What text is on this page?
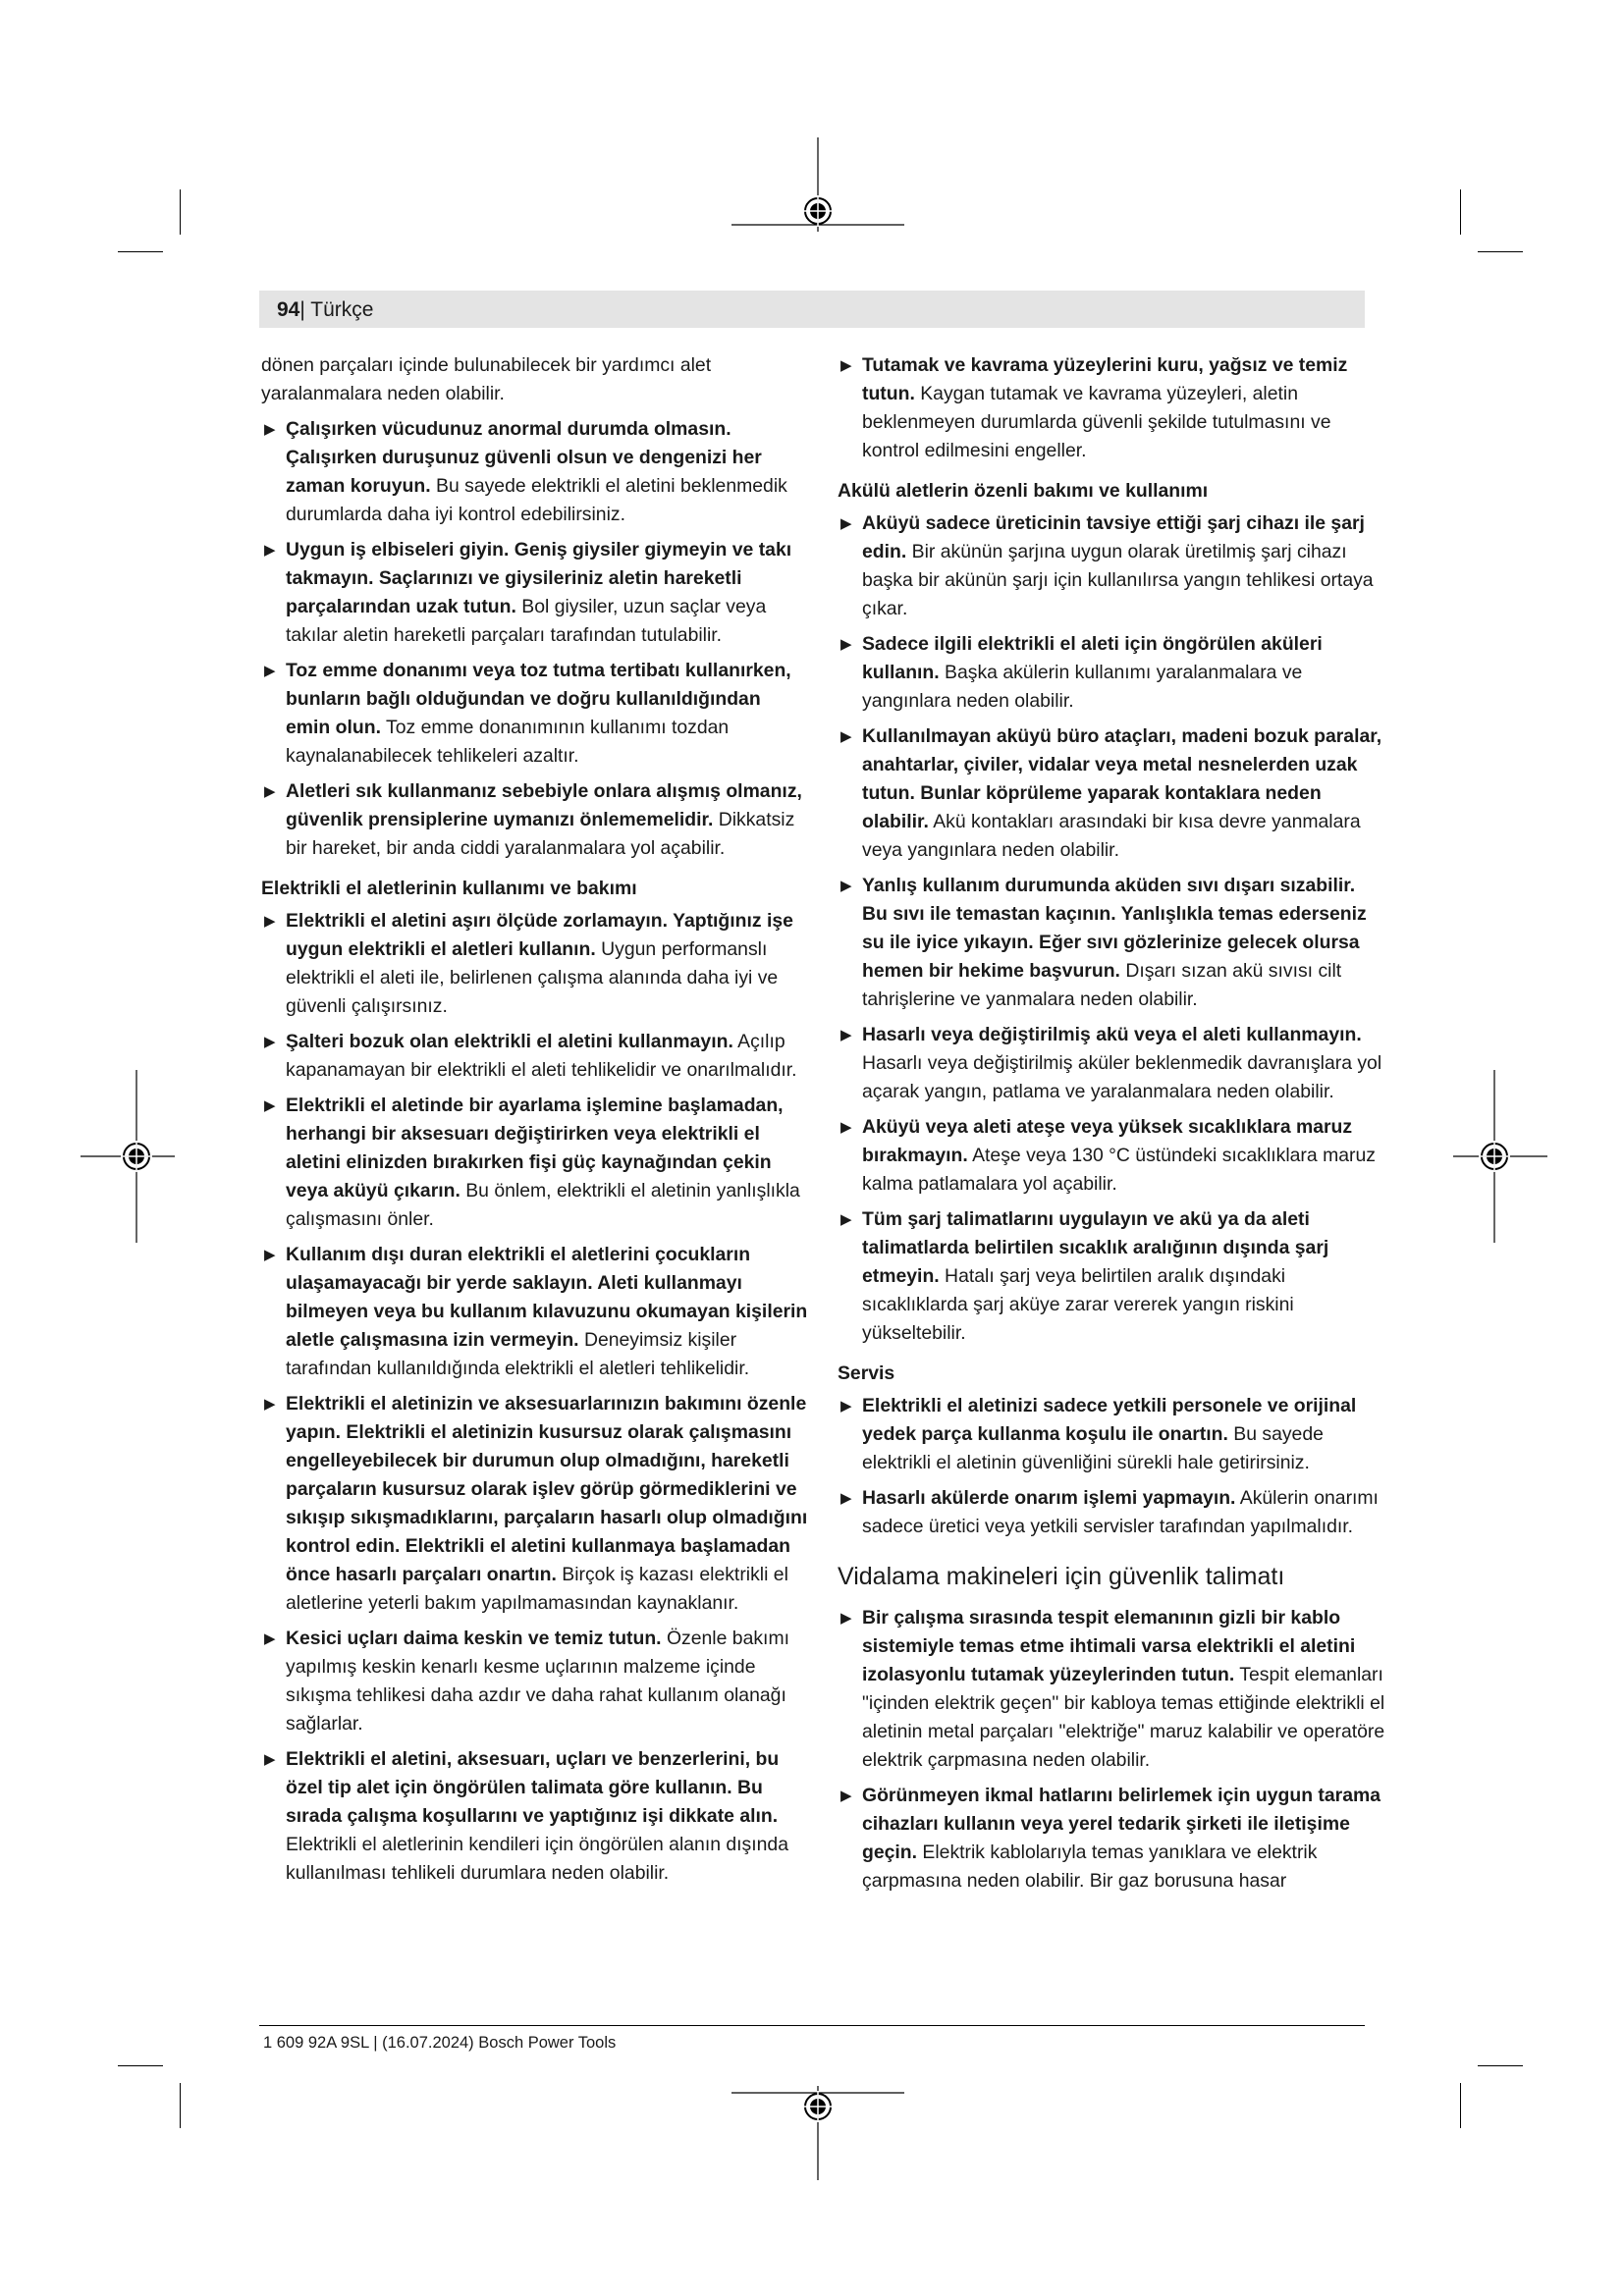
94| Türkçe
dönen parçaları içinde bulunabilecek bir yardımcı alet yaralanmalara neden olabilir.
▶ Çalışırken vücudunuz anormal durumda olmasın. Çalışırken duruşunuz güvenli olsun ve dengenizi her zaman koruyun. Bu sayede elektrikli el aletini beklenmedik durumlarda daha iyi kontrol edebilirsiniz.
▶ Uygun iş elbiseleri giyin. Geniş giysiler giymeyin ve takı takmayın. Saçlarınızı ve giysileriniz aletin hareketli parçalarından uzak tutun. Bol giysiler, uzun saçlar veya takılar aletin hareketli parçaları tarafından tutulabilir.
▶ Toz emme donanımı veya toz tutma tertibatı kullanırken, bunların bağlı olduğundan ve doğru kullanıldığından emin olun. Toz emme donanımının kullanımı tozdan kaynalanabilecek tehlikeleri azaltır.
▶ Aletleri sık kullanmanız sebebiyle onlara alışmış olmanız, güvenlik prensiplerine uymanızı önlememelidir. Dikkatsiz bir hareket, bir anda ciddi yaralanmalara yol açabilir.
Elektrikli el aletlerinin kullanımı ve bakımı
▶ Elektrikli el aletini aşırı ölçüde zorlamayın. Yaptığınız işe uygun elektrikli el aletleri kullanın. Uygun performanslı elektrikli el aleti ile, belirlenen çalışma alanında daha iyi ve güvenli çalışırsınız.
▶ Şalteri bozuk olan elektrikli el aletini kullanmayın. Açılıp kapanamayan bir elektrikli el aleti tehlikelidir ve onarılmalıdır.
▶ Elektrikli el aletinde bir ayarlama işlemine başlamadan, herhangi bir aksesuarı değiştirirken veya elektrikli el aletini elinizden bırakırken fişi güç kaynağından çekin veya aküyü çıkarın. Bu önlem, elektrikli el aletinin yanlışlıkla çalışmasını önler.
▶ Kullanım dışı duran elektrikli el aletlerini çocukların ulaşamayacağı bir yerde saklayın. Aleti kullanmayı bilmeyen veya bu kullanım kılavuzunu okumayan kişilerin aletle çalışmasına izin vermeyin. Deneyimsiz kişiler tarafından kullanıldığında elektrikli el aletleri tehlikelidir.
▶ Elektrikli el aletinizin ve aksesuarlarınızın bakımını özenle yapın. Elektrikli el aletinizin kusursuz olarak çalışmasını engelleyebilecek bir durumun olup olmadığını, hareketli parçaların kusursuz olarak işlev görüp görmediklerini ve sıkışıp sıkışmadıklarını, parçaların hasarlı olup olmadığını kontrol edin. Elektrikli el aletini kullanmaya başlamadan önce hasarlı parçaları onartın. Birçok iş kazası elektrikli el aletlerine yeterli bakım yapılmamasından kaynaklanır.
▶ Kesici uçları daima keskin ve temiz tutun. Özenle bakımı yapılmış keskin kenarlı kesme uçlarının malzeme içinde sıkışma tehlikesi daha azdır ve daha rahat kullanım olanağı sağlarlar.
▶ Elektrikli el aletini, aksesuarı, uçları ve benzerlerini, bu özel tip alet için öngörülen talimata göre kullanın. Bu sırada çalışma koşullarını ve yaptığınız işi dikkate alın. Elektrikli el aletlerinin kendileri için öngörülen alanın dışında kullanılması tehlikeli durumlara neden olabilir.
▶ Tutamak ve kavrama yüzeylerini kuru, yağsız ve temiz tutun. Kaygan tutamak ve kavrama yüzeyleri, aletin beklenmeyen durumlarda güvenli şekilde tutulmasını ve kontrol edilmesini engeller.
Akülü aletlerin özenli bakımı ve kullanımı
▶ Aküyü sadece üreticinin tavsiye ettiği şarj cihazı ile şarj edin. Bir akünün şarjına uygun olarak üretilmiş şarj cihazı başka bir akünün şarjı için kullanılırsa yangın tehlikesi ortaya çıkar.
▶ Sadece ilgili elektrikli el aleti için öngörülen aküleri kullanın. Başka akülerin kullanımı yaralanmalara ve yangınlara neden olabilir.
▶ Kullanılmayan aküyü büro ataçları, madeni bozuk paralar, anahtarlar, çiviler, vidalar veya metal nesnelerden uzak tutun. Bunlar köprüleme yaparak kontaklara neden olabilir. Akü kontakları arasındaki bir kısa devre yanmalara veya yangınlara neden olabilir.
▶ Yanlış kullanım durumunda aküden sıvı dışarı sızabilir. Bu sıvı ile temastan kaçının. Yanlışlıkla temas ederseniz su ile iyice yıkayın. Eğer sıvı gözlerinize gelecek olursa hemen bir hekime başvurun. Dışarı sızan akü sıvısı cilt tahrişlerine ve yanmalara neden olabilir.
▶ Hasarlı veya değiştirilmiş akü veya el aleti kullanmayın. Hasarlı veya değiştirilmiş aküler beklenmedik davranışlara yol açarak yangın, patlama ve yaralanmalara neden olabilir.
▶ Aküyü veya aleti ateşe veya yüksek sıcaklıklara maruz bırakmayın. Ateşe veya 130 °C üstündeki sıcaklıklara maruz kalma patlamalara yol açabilir.
▶ Tüm şarj talimatlarını uygulayın ve akü ya da aleti talimatlarda belirtilen sıcaklık aralığının dışında şarj etmeyin. Hatalı şarj veya belirtilen aralık dışındaki sıcaklıklarda şarj aküye zarar vererek yangın riskini yükseltebilir.
Servis
▶ Elektrikli el aletinizi sadece yetkili personele ve orijinal yedek parça kullanma koşulu ile onartın. Bu sayede elektrikli el aletinin güvenliğini sürekli hale getirirsiniz.
▶ Hasarlı akülerde onarım işlemi yapmayın. Akülerin onarımı sadece üretici veya yetkili servisler tarafından yapılmalıdır.
Vidalama makineleri için güvenlik talimatı
▶ Bir çalışma sırasında tespit elemanının gizli bir kablo sistemiyle temas etme ihtimali varsa elektrikli el aletini izolasyonlu tutamak yüzeylerinden tutun. Tespit elemanları "içinden elektrik geçen" bir kabloya temas ettiğinde elektrikli el aletinin metal parçaları "elektriğe" maruz kalabilir ve operatöre elektrik çarpmasına neden olabilir.
▶ Görünmeyen ikmal hatlarını belirlemek için uygun tarama cihazları kullanın veya yerel tedarik şirketi ile iletişime geçin. Elektrik kablolarıyla temas yanıklara ve elektrik çarpmasına neden olabilir. Bir gaz borusuna hasar
1 609 92A 9SL | (16.07.2024) Bosch Power Tools
